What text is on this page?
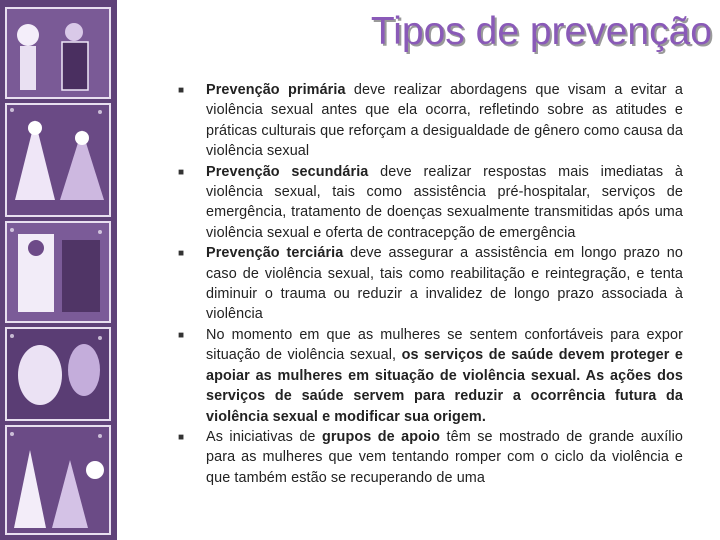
Tipos de prevenção
■	Prevenção primária deve realizar abordagens que visam a evitar a violência sexual antes que ela ocorra, refletindo sobre as atitudes e práticas culturais que reforçam a desigualdade de gênero como causa da violência sexual
■	Prevenção secundária deve realizar respostas mais imediatas à violência sexual, tais como assistência pré-hospitalar, serviços de emergência, tratamento de doenças sexualmente transmitidas após uma violência sexual e oferta de contracepção de emergência
■	Prevenção terciária deve assegurar a assistência em longo prazo no caso de violência sexual, tais como reabilitação e reintegração, e tenta diminuir o trauma ou reduzir a invalidez de longo prazo associada à violência
■	No momento em que as mulheres se sentem confortáveis para expor situação de violência sexual, os serviços de saúde devem proteger e apoiar as mulheres em situação de violência sexual. As ações dos serviços de saúde servem para reduzir a ocorrência futura da violência sexual e modificar sua origem.
■	As iniciativas de grupos de apoio têm se mostrado de grande auxílio para as mulheres que vem tentando romper com o ciclo da violência e que também estão se recuperando de uma
